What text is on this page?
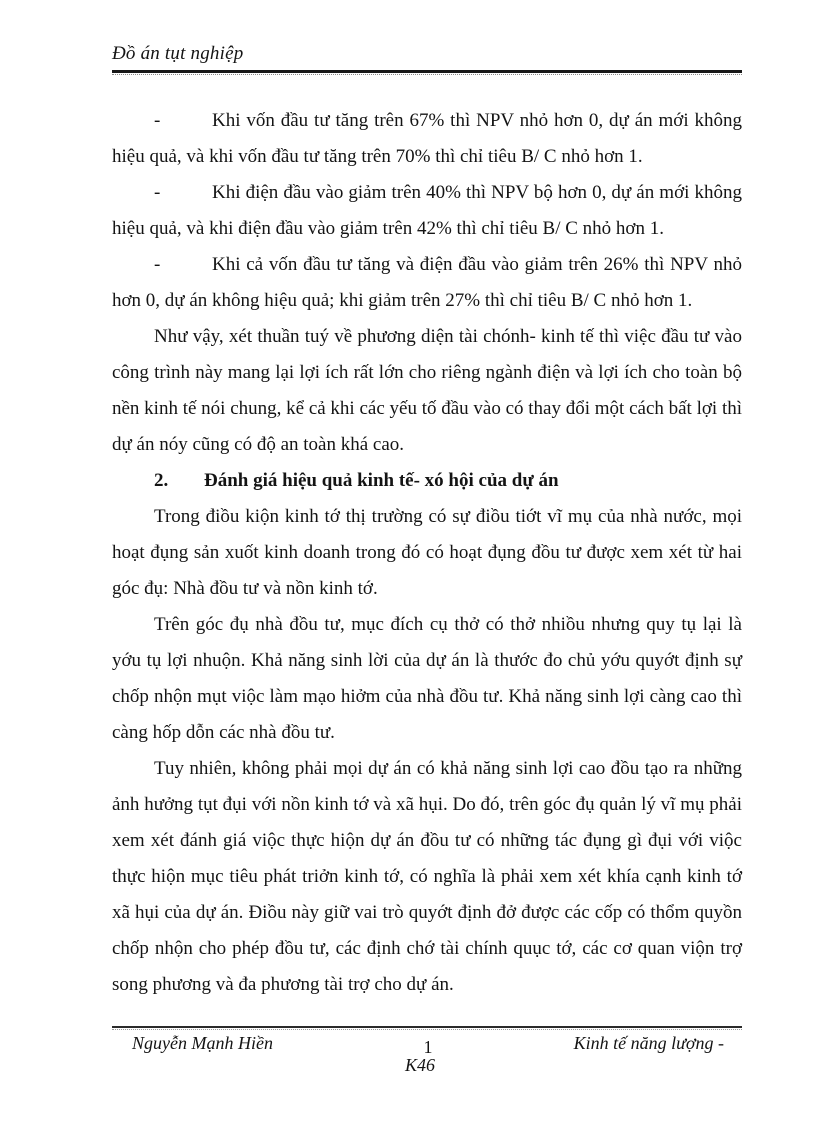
Đồ án tụt nghiệp

-	Khi vốn đầu tư tăng trên 67% thì NPV nhỏ hơn 0, dự án mới không hiệu quả, và khi vốn đầu tư tăng trên 70% thì chỉ tiêu B/ C nhỏ hơn 1.

-	Khi điện đầu vào giảm trên 40% thì NPV bộ hơn 0, dự án mới không hiệu quả, và khi điện đầu vào giảm trên 42% thì chỉ tiêu B/ C nhỏ hơn 1.

-	Khi cả vốn đầu tư tăng và điện đầu vào giảm trên 26% thì NPV nhỏ hơn 0, dự án không hiệu quả; khi giảm trên 27% thì chỉ tiêu B/ C nhỏ hơn 1.

Như vậy, xét thuần tuý về phương diện tài chónh- kinh tế thì việc đầu tư vào công trình này mang lại lợi ích rất lớn cho riêng ngành điện và lợi ích cho toàn bộ nền kinh tế nói chung, kể cả khi các yếu tố đầu vào có thay đổi một cách bất lợi thì dự án nóy cũng có độ an toàn khá cao.

2. Đánh giá hiệu quả kinh tế- xó hội của dự án

Trong điồu kiộn kinh tớ thị trường có sự điồu tiớt vĩ mụ của nhà nước, mọi hoạt đụng sản xuốt kinh doanh trong đó có hoạt đụng đồu tư được xem xét từ hai góc đụ: Nhà đồu tư và nồn kinh tớ.

Trên góc đụ nhà đồu tư, mục đích cụ thở có thở nhiồu nhưng quy tụ lại là yớu tụ lợi nhuộn. Khả năng sinh lời của dự án là thước đo chủ yớu quyớt định sự chốp nhộn mụt viộc làm mạo hiởm của nhà đồu tư. Khả năng sinh lợi càng cao thì càng hốp dỗn các nhà đồu tư.

Tuy nhiên, không phải mọi dự án có khả năng sinh lợi cao đồu tạo ra những ảnh hưởng tụt đụi với nồn kinh tớ và xã hụi. Do đó, trên góc đụ quản lý vĩ mụ phải xem xét đánh giá viộc thực hiộn dự án đồu tư có những tác đụng gì đụi với viộc thực hiộn mục tiêu phát triởn kinh tớ, có nghĩa là phải xem xét khía cạnh kinh tớ xã hụi của dự án. Điồu này giữ vai trò quyớt định đở được các cốp có thổm quyồn chốp nhộn cho phép đồu tư, các định chớ tài chính quục tớ, các cơ quan viộn trợ song phương và đa phương tài trợ cho dự án.

Nguyễn Mạnh Hiền	1
K46
Kinh tế năng lượng -
